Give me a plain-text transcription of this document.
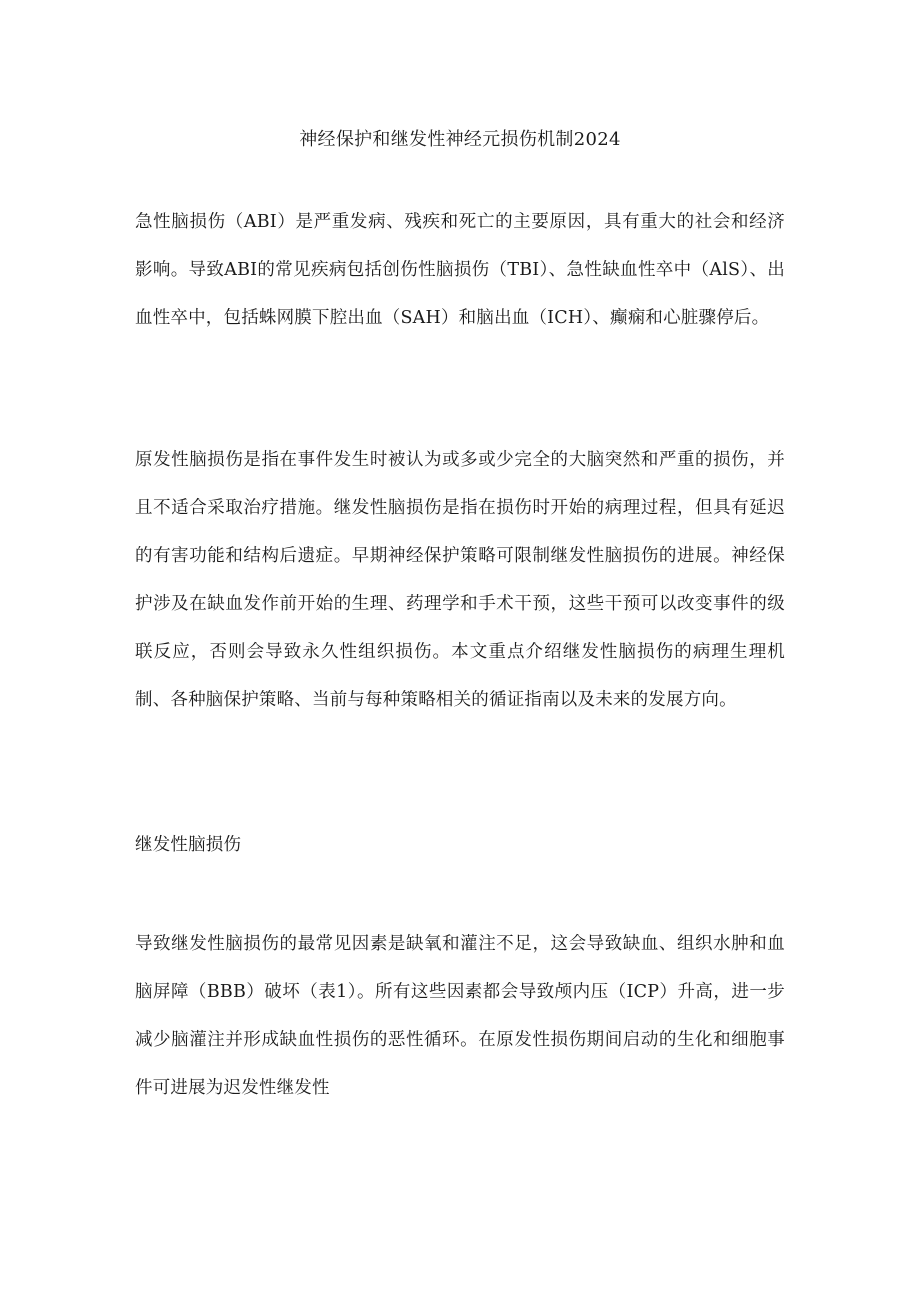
神经保护和继发性神经元损伤机制2024

急性脑损伤（ABI）是严重发病、残疾和死亡的主要原因，具有重大的社会和经济影响。导致ABI的常见疾病包括创伤性脑损伤（TBI）、急性缺血性卒中（AlS）、出血性卒中，包括蛛网膜下腔出血（SAH）和脑出血（ICH）、癫痫和心脏骤停后。

原发性脑损伤是指在事件发生时被认为或多或少完全的大脑突然和严重的损伤，并且不适合采取治疗措施。继发性脑损伤是指在损伤时开始的病理过程，但具有延迟的有害功能和结构后遗症。早期神经保护策略可限制继发性脑损伤的进展。神经保护涉及在缺血发作前开始的生理、药理学和手术干预，这些干预可以改变事件的级联反应，否则会导致永久性组织损伤。本文重点介绍继发性脑损伤的病理生理机制、各种脑保护策略、当前与每种策略相关的循证指南以及未来的发展方向。

继发性脑损伤

导致继发性脑损伤的最常见因素是缺氧和灌注不足，这会导致缺血、组织水肿和血脑屏障（BBB）破坏（表1）。所有这些因素都会导致颅内压（ICP）升高，进一步减少脑灌注并形成缺血性损伤的恶性循环。在原发性损伤期间启动的生化和细胞事件可进展为迟发性继发性
